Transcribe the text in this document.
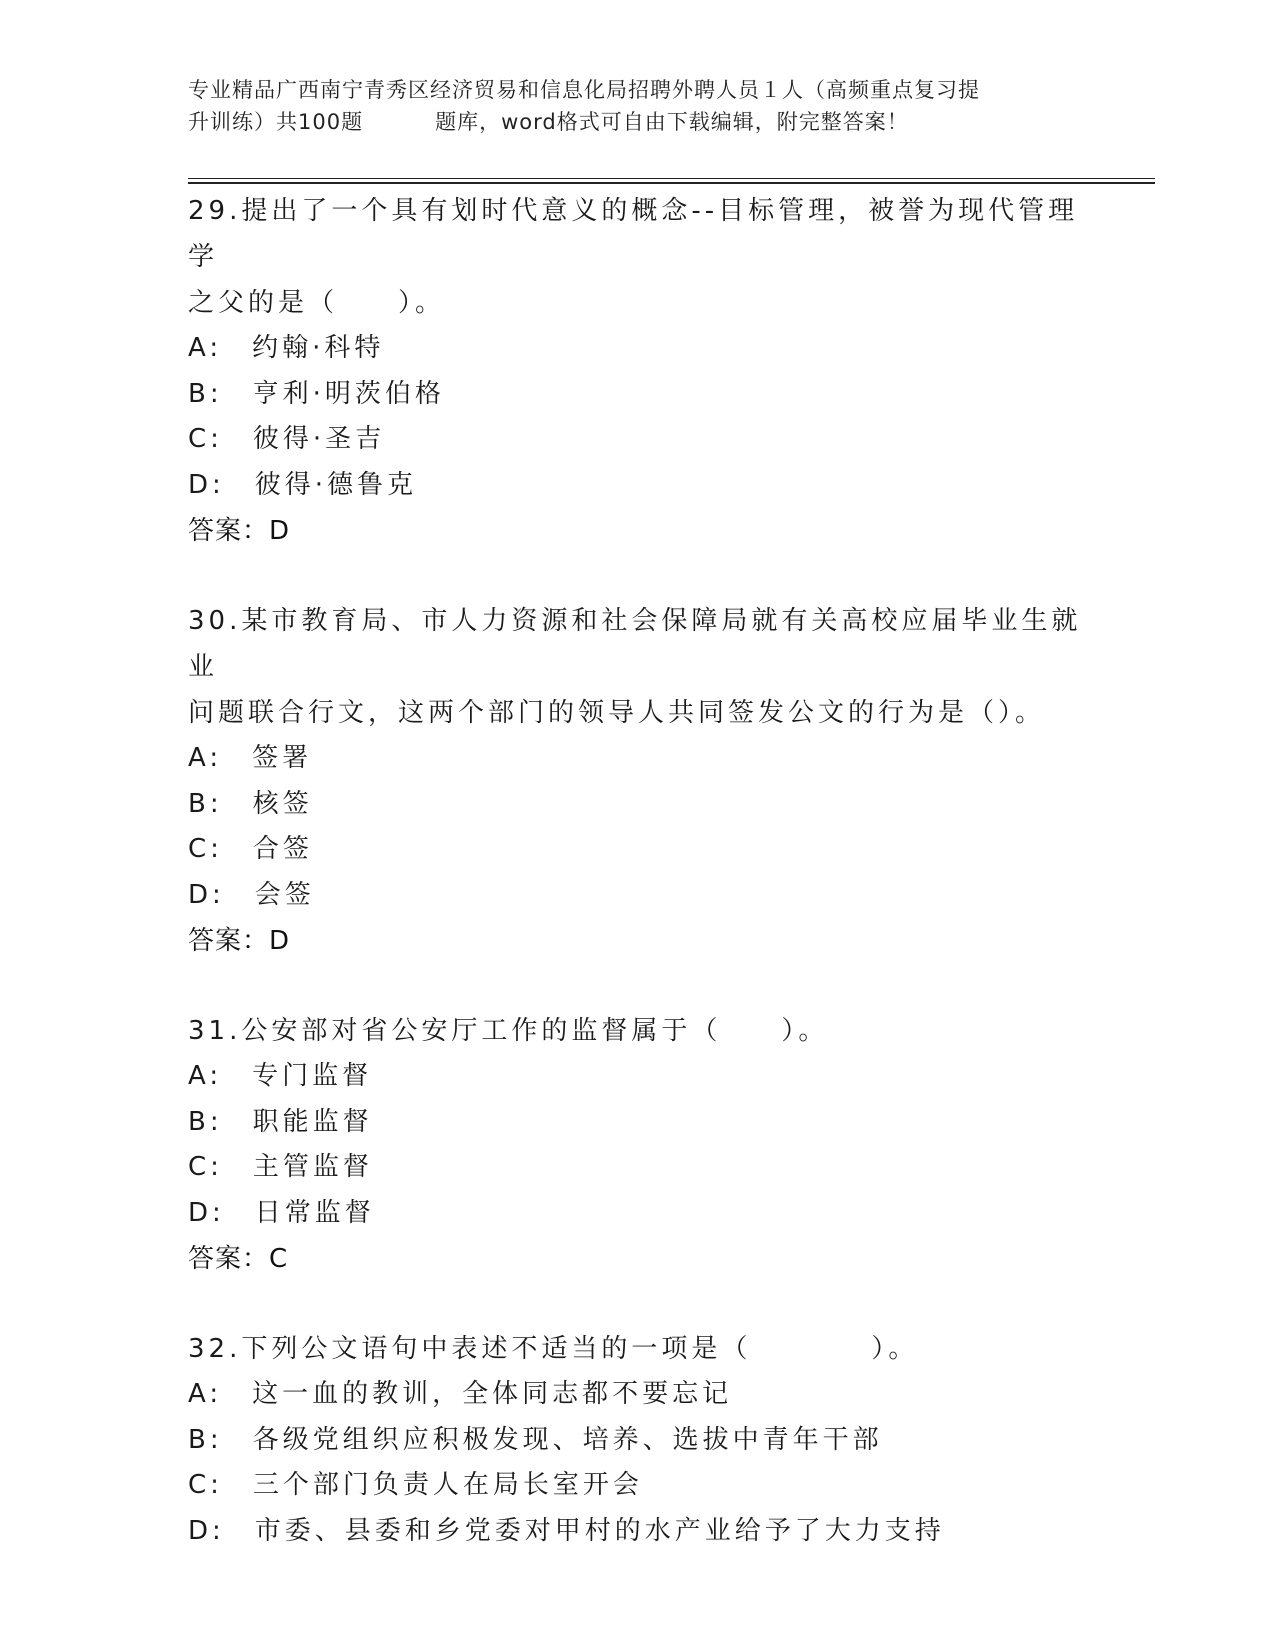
专业精品广西南宁青秀区经济贸易和信息化局招聘外聘人员１人（高频重点复习提
升训练）共100题	题库，word格式可自由下载编辑，附完整答案！
29.提出了一个具有划时代意义的概念--目标管理，被誉为现代管理学
之父的是（　　）。
A:　约翰·科特
B:　亨利·明茨伯格
C:　彼得·圣吉
D:　彼得·德鲁克
答案：D
30.某市教育局、市人力资源和社会保障局就有关高校应届毕业生就业
问题联合行文，这两个部门的领导人共同签发公文的行为是（）。
A:　签署
B:　核签
C:　合签
D:　会签
答案：D
31.公安部对省公安厅工作的监督属于（　　）。
A:　专门监督
B:　职能监督
C:　主管监督
D:　日常监督
答案：C
32.下列公文语句中表述不适当的一项是（　　　　）。
A:　这一血的教训，全体同志都不要忘记
B:　各级党组织应积极发现、培养、选拔中青年干部
C:　三个部门负责人在局长室开会
D:　市委、县委和乡党委对甲村的水产业给予了大力支持
